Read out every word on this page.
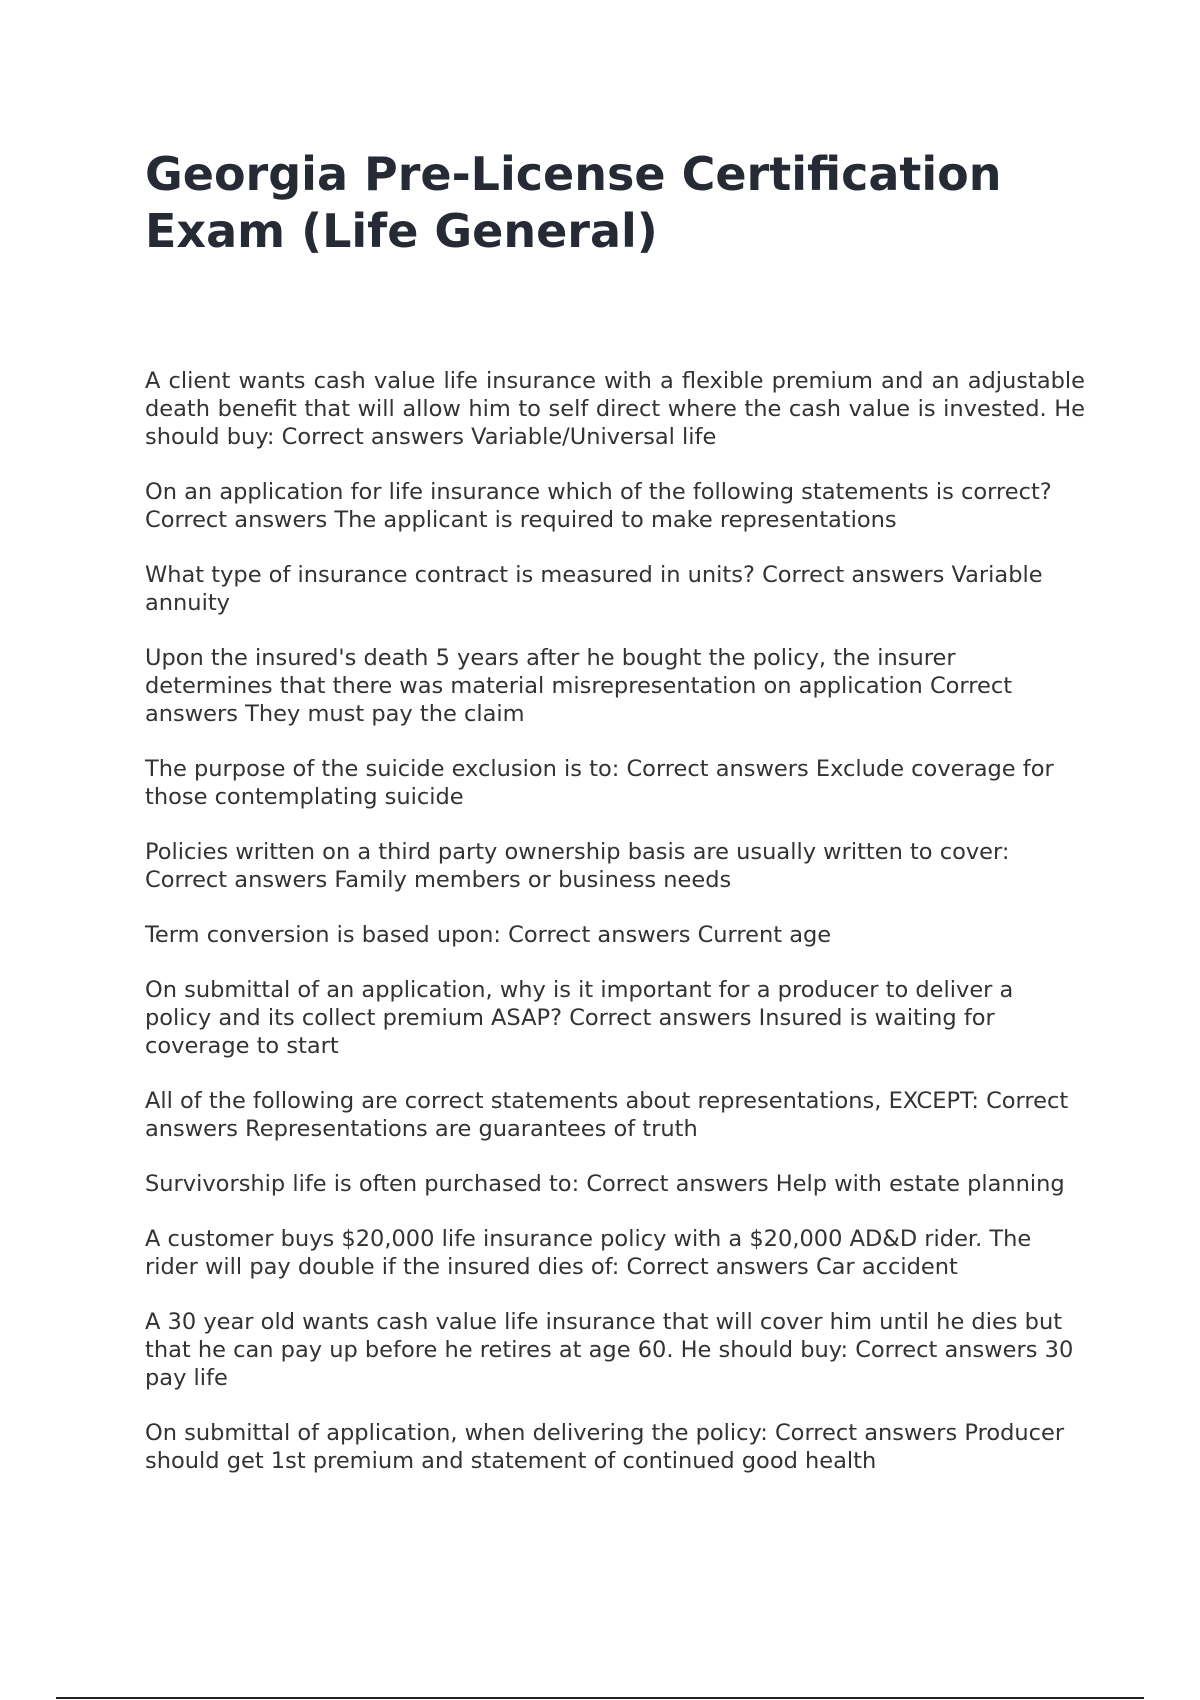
Georgia Pre-License Certification Exam (Life General)
A client wants cash value life insurance with a flexible premium and an adjustable death benefit that will allow him to self direct where the cash value is invested. He should buy: Correct answers Variable/Universal life
On an application for life insurance which of the following statements is correct? Correct answers The applicant is required to make representations
What type of insurance contract is measured in units? Correct answers Variable annuity
Upon the insured's death 5 years after he bought the policy, the insurer determines that there was material misrepresentation on application Correct answers They must pay the claim
The purpose of the suicide exclusion is to: Correct answers Exclude coverage for those contemplating suicide
Policies written on a third party ownership basis are usually written to cover: Correct answers Family members or business needs
Term conversion is based upon: Correct answers Current age
On submittal of an application, why is it important for a producer to deliver a policy and its collect premium ASAP? Correct answers Insured is waiting for coverage to start
All of the following are correct statements about representations, EXCEPT: Correct answers Representations are guarantees of truth
Survivorship life is often purchased to: Correct answers Help with estate planning
A customer buys $20,000 life insurance policy with a $20,000 AD&D rider. The rider will pay double if the insured dies of: Correct answers Car accident
A 30 year old wants cash value life insurance that will cover him until he dies but that he can pay up before he retires at age 60. He should buy: Correct answers 30 pay life
On submittal of application, when delivering the policy: Correct answers Producer should get 1st premium and statement of continued good health
